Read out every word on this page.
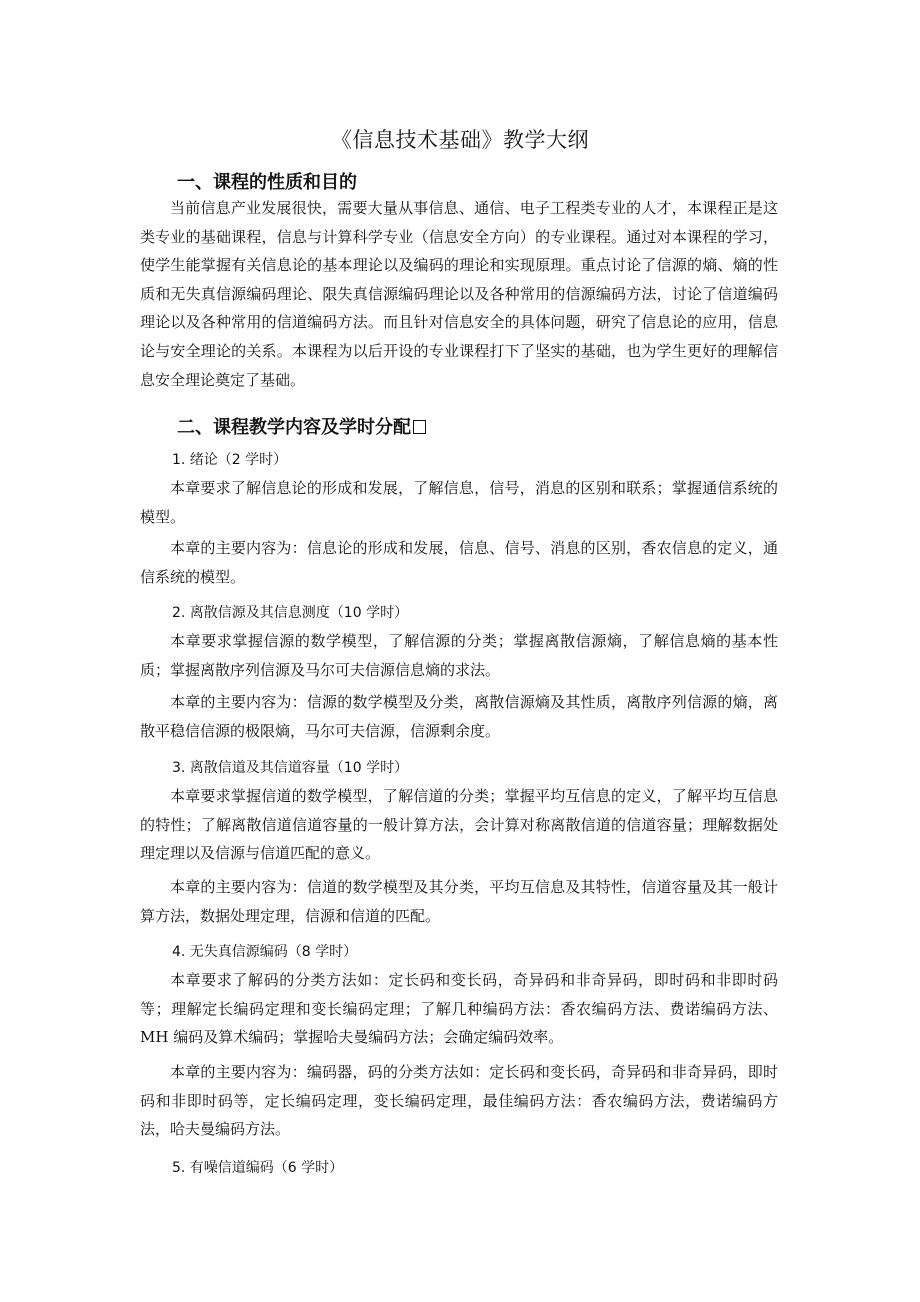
《信息技术基础》教学大纲
一、课程的性质和目的

当前信息产业发展很快，需要大量从事信息、通信、电子工程类专业的人才，本课程正是这类专业的基础课程，信息与计算科学专业（信息安全方向）的专业课程。通过对本课程的学习，使学生能掌握有关信息论的基本理论以及编码的理论和实现原理。重点讨论了信源的熵、熵的性质和无失真信源编码理论、限失真信源编码理论以及各种常用的信源编码方法，讨论了信道编码理论以及各种常用的信道编码方法。而且针对信息安全的具体问题，研究了信息论的应用，信息论与安全理论的关系。本课程为以后开设的专业课程打下了坚实的基础，也为学生更好的理解信息安全理论奠定了基础。

二、课程教学内容及学时分配
1. 绪论（2 学时）

本章要求了解信息论的形成和发展，了解信息，信号，消息的区别和联系；掌握通信系统的模型。

本章的主要内容为：信息论的形成和发展，信息、信号、消息的区别，香农信息的定义，通信系统的模型。

2. 离散信源及其信息测度（10 学时）

本章要求掌握信源的数学模型，了解信源的分类；掌握离散信源熵，了解信息熵的基本性质；掌握离散序列信源及马尔可夫信源信息熵的求法。

本章的主要内容为：信源的数学模型及分类，离散信源熵及其性质，离散序列信源的熵，离散平稳信信源的极限熵，马尔可夫信源，信源剩余度。

3. 离散信道及其信道容量（10 学时）

本章要求掌握信道的数学模型，了解信道的分类；掌握平均互信息的定义，了解平均互信息的特性；了解离散信道信道容量的一般计算方法，会计算对称离散信道的信道容量；理解数据处理定理以及信源与信道匹配的意义。

本章的主要内容为：信道的数学模型及其分类，平均互信息及其特性，信道容量及其一般计算方法，数据处理定理，信源和信道的匹配。

4. 无失真信源编码（8 学时）

本章要求了解码的分类方法如：定长码和变长码，奇异码和非奇异码，即时码和非即时码等；理解定长编码定理和变长编码定理；了解几种编码方法：香农编码方法、费诺编码方法、MH 编码及算术编码；掌握哈夫曼编码方法；会确定编码效率。

本章的主要内容为：编码器，码的分类方法如：定长码和变长码，奇异码和非奇异码，即时码和非即时码等，定长编码定理，变长编码定理，最佳编码方法：香农编码方法，费诺编码方法，哈夫曼编码方法。

5. 有噪信道编码（6 学时）
